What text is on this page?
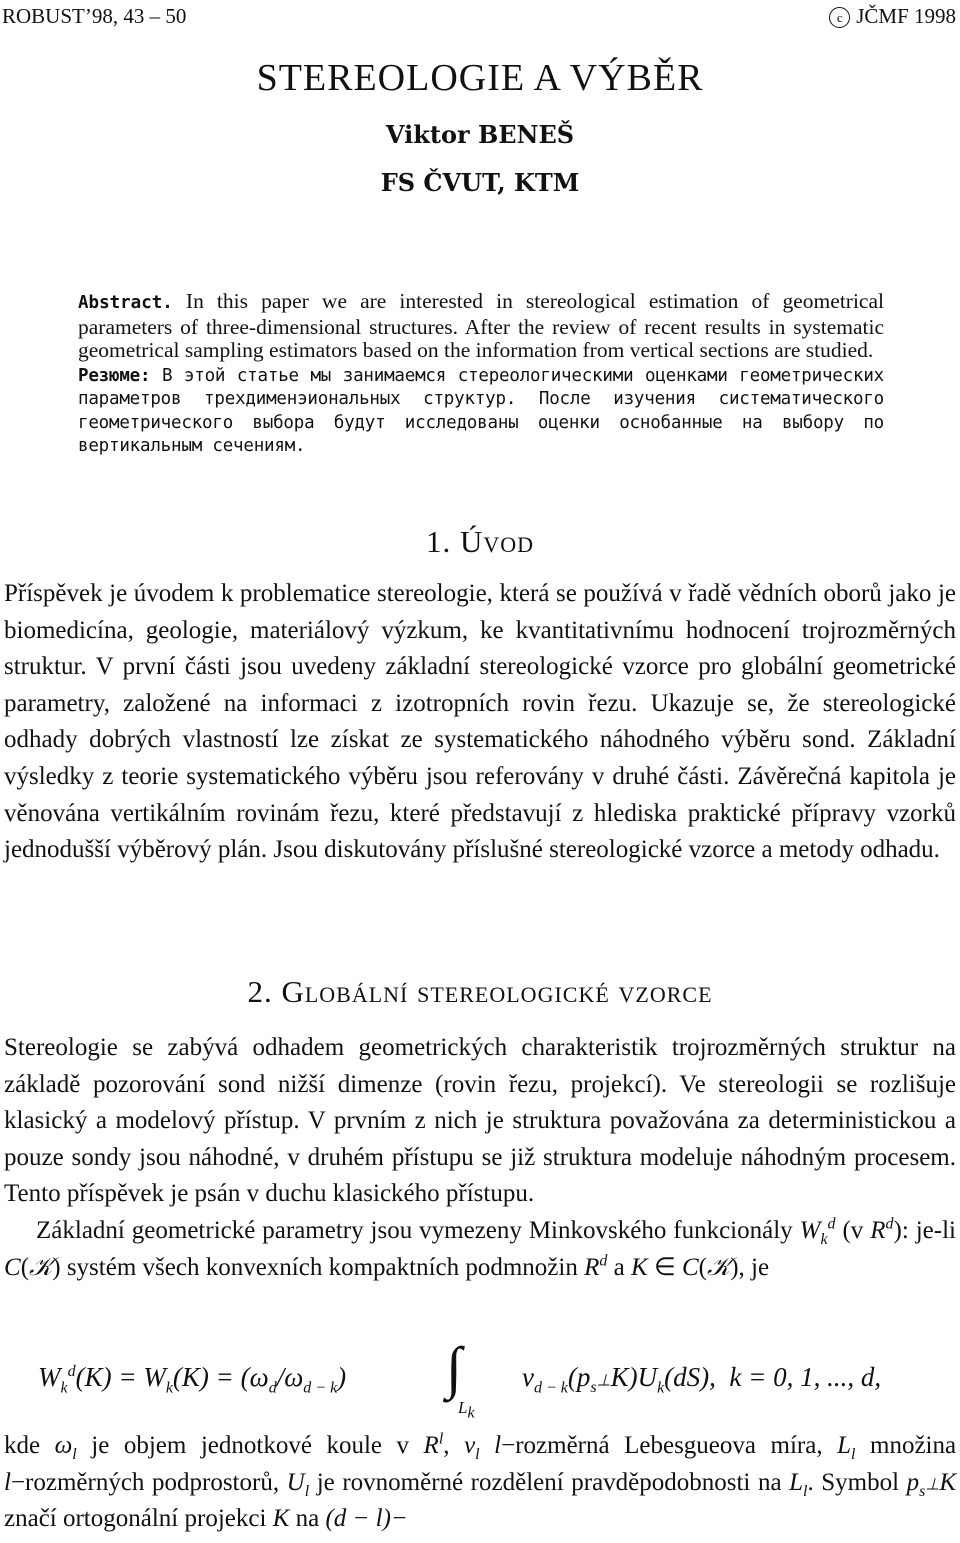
ROBUST’98, 43 – 50	c JČMF 1998
STEREOLOGIE A VÝBĚR
Viktor BENEŠ
FS ČVUT, KTM

Abstract. In this paper we are interested in stereological estimation of geometrical parameters of three-dimensional structures. After the review of recent results in systematic geometrical sampling estimators based on the information from vertical sections are studied.

Резюме: В этой статье мы занимаемся стереологическими оценками геометрических параметров трехдименэиональных структур. После изучения систематического геометрического выбора будут исследованы оценки оснобанные на выбору по вертикальным сечениям.

1. Úvod

Příspěvek je úvodem k problematice stereologie, která se používá v řadě vědních oborů jako je biomedicína, geologie, materiálový výzkum, ke kvantitativnímu hodnocení trojrozměrných struktur. V první části jsou uvedeny základní stereologické vzorce pro globální geometrické parametry, založené na informaci z izotropních rovin řezu. Ukazuje se, že stereologické odhady dobrých vlastností lze získat ze systematického náhodného výběru sond. Základní výsledky z teorie systematického výběru jsou referovány v druhé části. Závěrečná kapitola je věnována vertikálním rovinám řezu, které představují z hlediska praktické přípravy vzorků jednodušší výběrový plán. Jsou diskutovány příslušné stereologické vzorce a metody odhadu.

2. Globální stereologické vzorce

Stereologie se zabývá odhadem geometrických charakteristik trojrozměrných struktur na základě pozorování sond nižší dimenze (rovin řezu, projekcí). Ve stereologii se rozlišuje klasický a modelový přístup. V prvním z nich je struktura považována za deterministickou a pouze sondy jsou náhodné, v druhém přístupu se již struktura modeluje náhodným procesem. Tento příspěvek je psán v duchu klasického přístupu.

Základní geometrické parametry jsou vymezeny Minkovského funkcionály $W_k^d$ (v $R^d$): je-li C(𝒦) systém všech konvexních kompaktních podmnožin $R^d$ a K ∈ C(𝒦), je

$W_k^d(K) = W_k(K) = (\omega_d/\omega_{d - k})$ ∫
$L_k$
$\nu_{d - k}(p_{s^\perp}K)U_k(dS)$, k = 0, 1, ..., d,

kde $\omega_l$ je objem jednotkové koule v $R^l$, $\nu_l$ l−rozměrná Lebesgueova míra, $L_l$ množina l−rozměrných podprostorů, $U_l$ je rovnoměrné rozdělení pravděpodobnosti na $L_l$. Symbol $p_{s^\perp}K$ značí ortogonální projekci K na (d − l)−
